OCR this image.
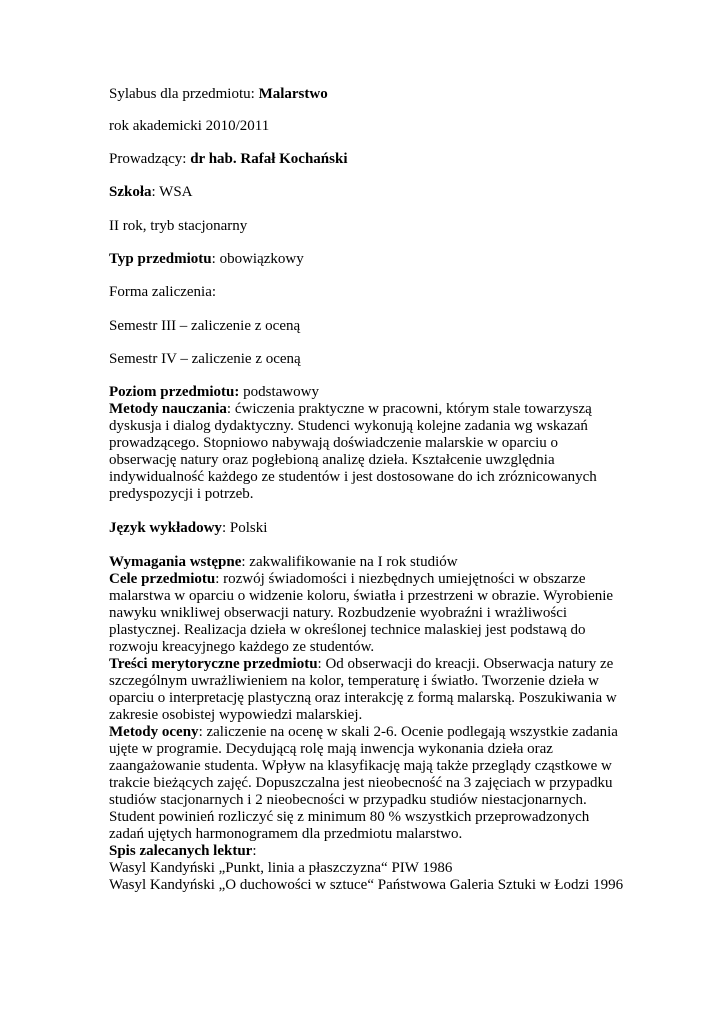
Sylabus dla przedmiotu: Malarstwo

rok akademicki 2010/2011

Prowadzący: dr hab. Rafał Kochański

Szkoła: WSA

II rok, tryb stacjonarny

Typ przedmiotu: obowiązkowy

Forma zaliczenia:

Semestr III – zaliczenie z oceną

Semestr IV – zaliczenie z oceną

Poziom przedmiotu: podstawowy

Metody nauczania: ćwiczenia praktyczne w pracowni, którym stale towarzyszą

dyskusja i dialog dydaktyczny. Studenci wykonują kolejne zadania wg wskazań

prowadzącego. Stopniowo nabywają doświadczenie malarskie w oparciu o

obserwację natury oraz pogłebioną analizę dzieła. Kształcenie uwzględnia

indywidualność każdego ze studentów i jest dostosowane do ich zróznicowanych

predyspozycji i potrzeb.

Język wykładowy: Polski

Wymagania wstępne: zakwalifikowanie na I rok studiów

Cele przedmiotu: rozwój świadomości i niezbędnych umiejętności w obszarze

malarstwa w oparciu o widzenie koloru, światła i przestrzeni w obrazie. Wyrobienie

nawyku wnikliwej obserwacji natury. Rozbudzenie wyobraźni i wrażliwości

plastycznej. Realizacja dzieła w określonej technice malaskiej jest podstawą do

rozwoju kreacyjnego każdego ze studentów.

Treści merytoryczne przedmiotu: Od obserwacji do kreacji. Obserwacja natury ze

szczególnym uwrażliwieniem na kolor, temperaturę i światło. Tworzenie dzieła w

oparciu o interpretację plastyczną oraz interakcję z formą malarską. Poszukiwania w

zakresie osobistej wypowiedzi malarskiej.

Metody oceny: zaliczenie na ocenę w skali 2-6. Ocenie podlegają wszystkie zadania

ujęte w programie. Decydującą rolę mają inwencja wykonania dzieła oraz

zaangażowanie studenta. Wpływ na klasyfikację mają także przeglądy cząstkowe w

trakcie bieżących zajęć. Dopuszczalna jest nieobecność na 3 zajęciach w przypadku

studiów stacjonarnych i 2 nieobecności w przypadku studiów niestacjonarnych.

Student powinień rozliczyć się z minimum 80 % wszystkich przeprowadzonych

zadań ujętych harmonogramem dla przedmiotu malarstwo.

Spis zalecanych lektur:

Wasyl Kandyński „Punkt, linia a płaszczyzna“ PIW 1986

Wasyl Kandyński „O duchowości w sztuce“ Państwowa Galeria Sztuki w Łodzi 1996
